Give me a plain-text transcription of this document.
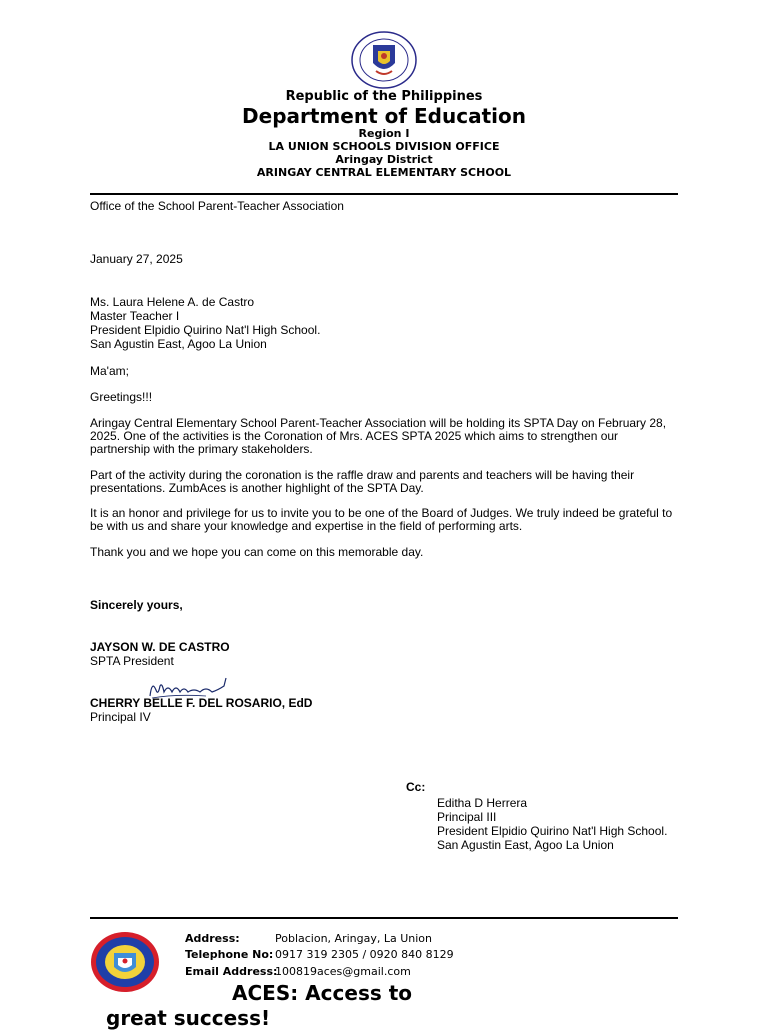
Republic of the Philippines
Department of Education
Region I
LA UNION SCHOOLS DIVISION OFFICE
Aringay District
ARINGAY CENTRAL ELEMENTARY SCHOOL
Office of the School Parent-Teacher Association
January 27, 2025
Ms. Laura Helene A. de Castro
Master Teacher I
President Elpidio Quirino Nat'l High School.
San Agustin East, Agoo La Union
Ma'am;
Greetings!!!
Aringay Central Elementary School Parent-Teacher Association will be holding its SPTA Day on February 28, 2025. One of the activities is the Coronation of Mrs. ACES SPTA 2025 which aims to strengthen our partnership with the primary stakeholders.
Part of the activity during the coronation is the raffle draw and parents and teachers will be having their presentations. ZumbAces is another highlight of the SPTA Day.
It is an honor and privilege for us to invite you to be one of the Board of Judges. We truly indeed be grateful to be with us and share your knowledge and expertise in the field of performing arts.
Thank you and we hope you can come on this memorable day.
Sincerely yours,
JAYSON W. DE CASTRO
SPTA President
CHERRY BELLE F. DEL ROSARIO, EdD
Principal IV
Cc:
Editha D Herrera
Principal III
President Elpidio Quirino Nat'l High School.
San Agustin East, Agoo La Union
Address:	Poblacion, Aringay, La Union
Telephone No: 0917 319 2305 / 0920 840 8129
Email Address:
100819aces@gmail.com
ACES: Access to
great success!
